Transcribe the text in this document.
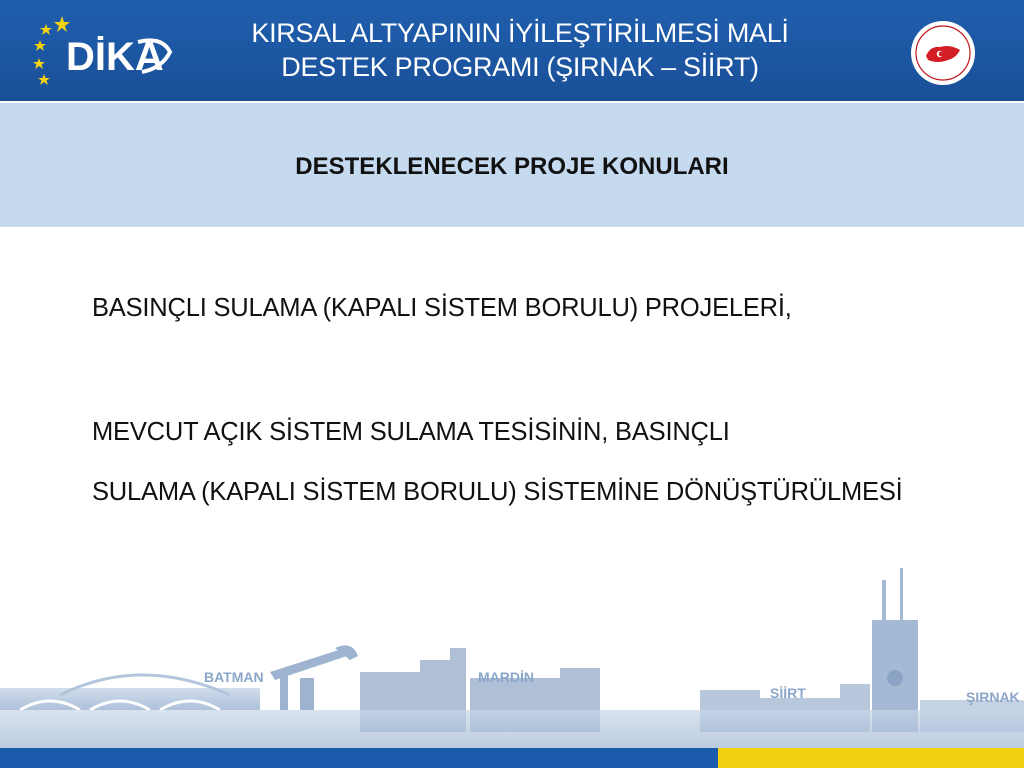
DİKA
KIRSAL ALTYAPININ İYİLEŞTİRİLMESİ MALİ
DESTEK PROGRAMI (ŞIRNAK – SİİRT)
DESTEKLENECEK PROJE KONULARI
BASINÇLI SULAMA (KAPALI SİSTEM BORULU) PROJELERİ,
MEVCUT AÇIK SİSTEM SULAMA TESİSİNİN, BASINÇLI
SULAMA (KAPALI SİSTEM BORULU) SİSTEMİNE DÖNÜŞTÜRÜLMESİ
BATMAN	MARDİN
SİİRT	ŞIRNAK
